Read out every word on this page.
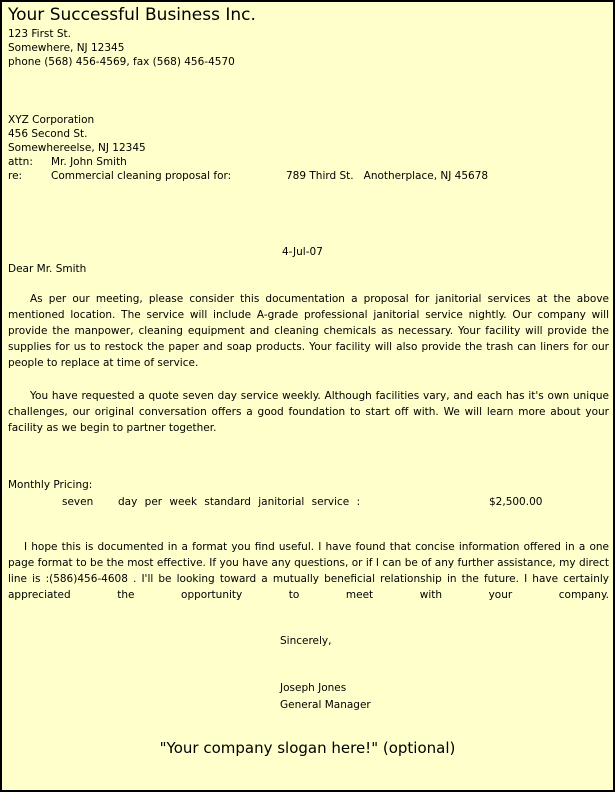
Your Successful Business Inc.
123 First St.
Somewhere, NJ 12345
phone (568) 456-4569, fax (568) 456-4570
XYZ Corporation
456 Second St.
Somewhereelse, NJ 12345
attn: Mr. John Smith
re:	Commercial cleaning proposal for:	789 Third St.   Anotherplace, NJ 45678
4-Jul-07
Dear Mr. Smith
As per our meeting, please consider this documentation a proposal for janitorial services at the above mentioned location. The service will include A-grade professional janitorial service nightly. Our company will provide the manpower, cleaning equipment and cleaning chemicals as necessary. Your facility will provide the supplies for us to restock the paper and soap products. Your facility will also provide the trash can liners for our people to replace at time of service.
You have requested a quote seven day service weekly. Although facilities vary, and each has it's own unique challenges, our original conversation offers a good foundation to start off with. We will learn more about your facility as we begin to partner together.
Monthly Pricing:
seven day per week standard janitorial service :	$2,500.00
I hope this is documented in a format you find useful. I have found that concise information offered in a one page format to be the most effective. If you have any questions, or if I can be of any further assistance, my direct line is :(586)456-4608 . I'll be looking toward a mutually beneficial relationship in the future. I have certainly appreciated the opportunity to meet with your company.
Sincerely,
Joseph Jones
General Manager
"Your company slogan here!" (optional)
